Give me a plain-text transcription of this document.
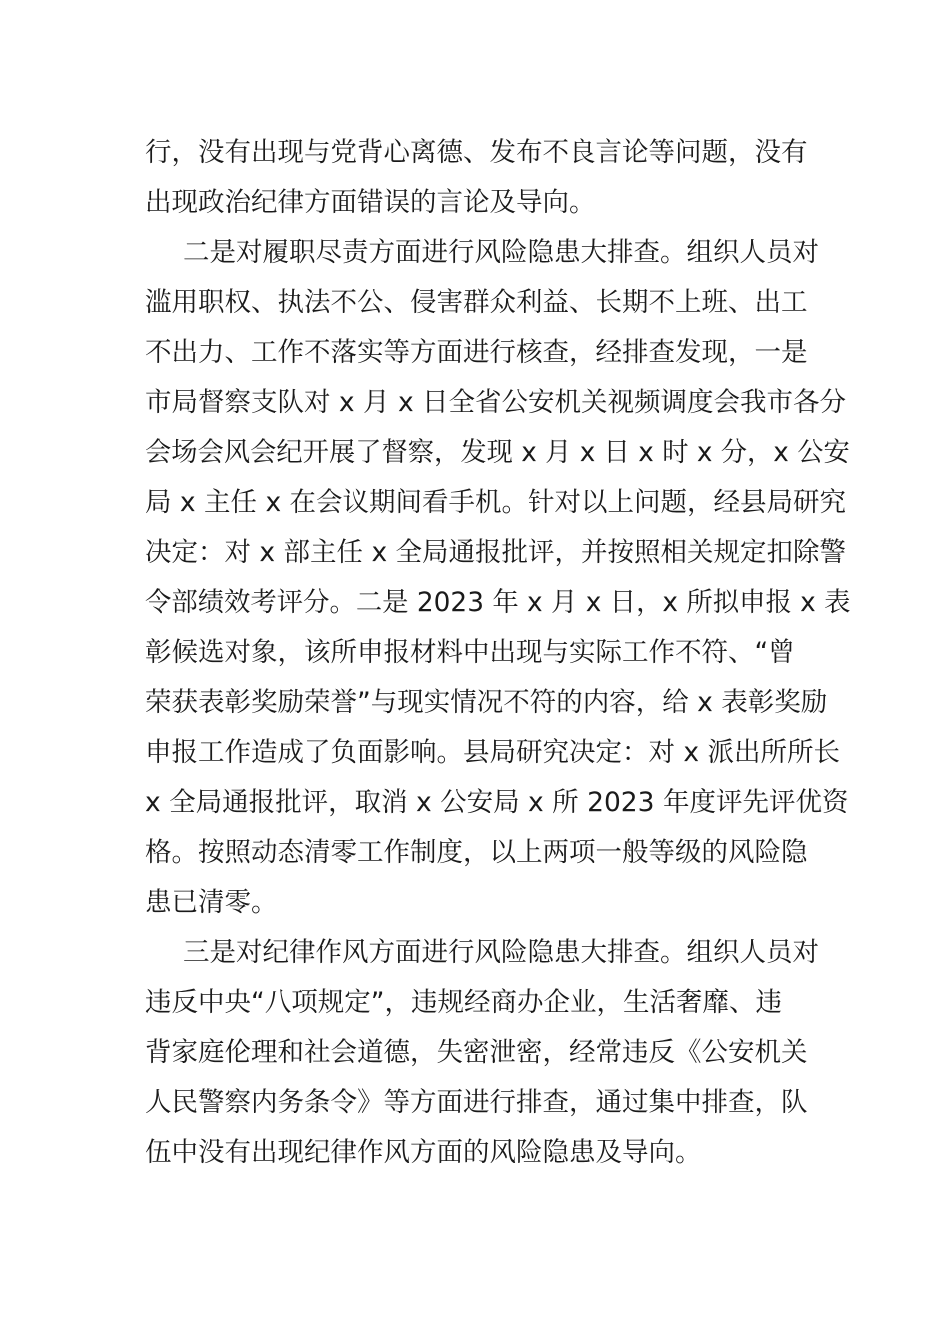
行，没有出现与党背心离德、发布不良言论等问题，没有
出现政治纪律方面错误的言论及导向。
二是对履职尽责方面进行风险隐患大排查。组织人员对
滥用职权、执法不公、侵害群众利益、长期不上班、出工
不出力、工作不落实等方面进行核查，经排查发现，一是
市局督察支队对 x 月 x 日全省公安机关视频调度会我市各分
会场会风会纪开展了督察，发现 x 月 x 日 x 时 x 分，x 公安
局 x 主任 x 在会议期间看手机。针对以上问题，经县局研究
决定：对 x 部主任 x 全局通报批评，并按照相关规定扣除警
令部绩效考评分。二是 2023 年 x 月 x 日，x 所拟申报 x 表
彰候选对象，该所申报材料中出现与实际工作不符、“曾
荣获表彰奖励荣誉”与现实情况不符的内容，给 x 表彰奖励
申报工作造成了负面影响。县局研究决定：对 x 派出所所长
x 全局通报批评，取消 x 公安局 x 所 2023 年度评先评优资
格。按照动态清零工作制度，以上两项一般等级的风险隐
患已清零。
三是对纪律作风方面进行风险隐患大排查。组织人员对
违反中央“八项规定”，违规经商办企业，生活奢靡、违
背家庭伦理和社会道德，失密泄密，经常违反《公安机关
人民警察内务条令》等方面进行排查，通过集中排查，队
伍中没有出现纪律作风方面的风险隐患及导向。
